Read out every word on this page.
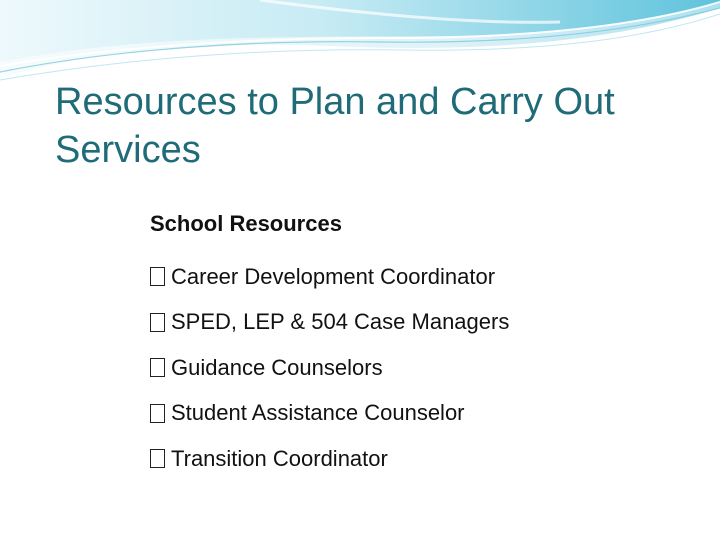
Resources to Plan and Carry Out
Services
School Resources
Career Development Coordinator
SPED, LEP & 504 Case Managers
Guidance Counselors
Student Assistance Counselor
Transition Coordinator
